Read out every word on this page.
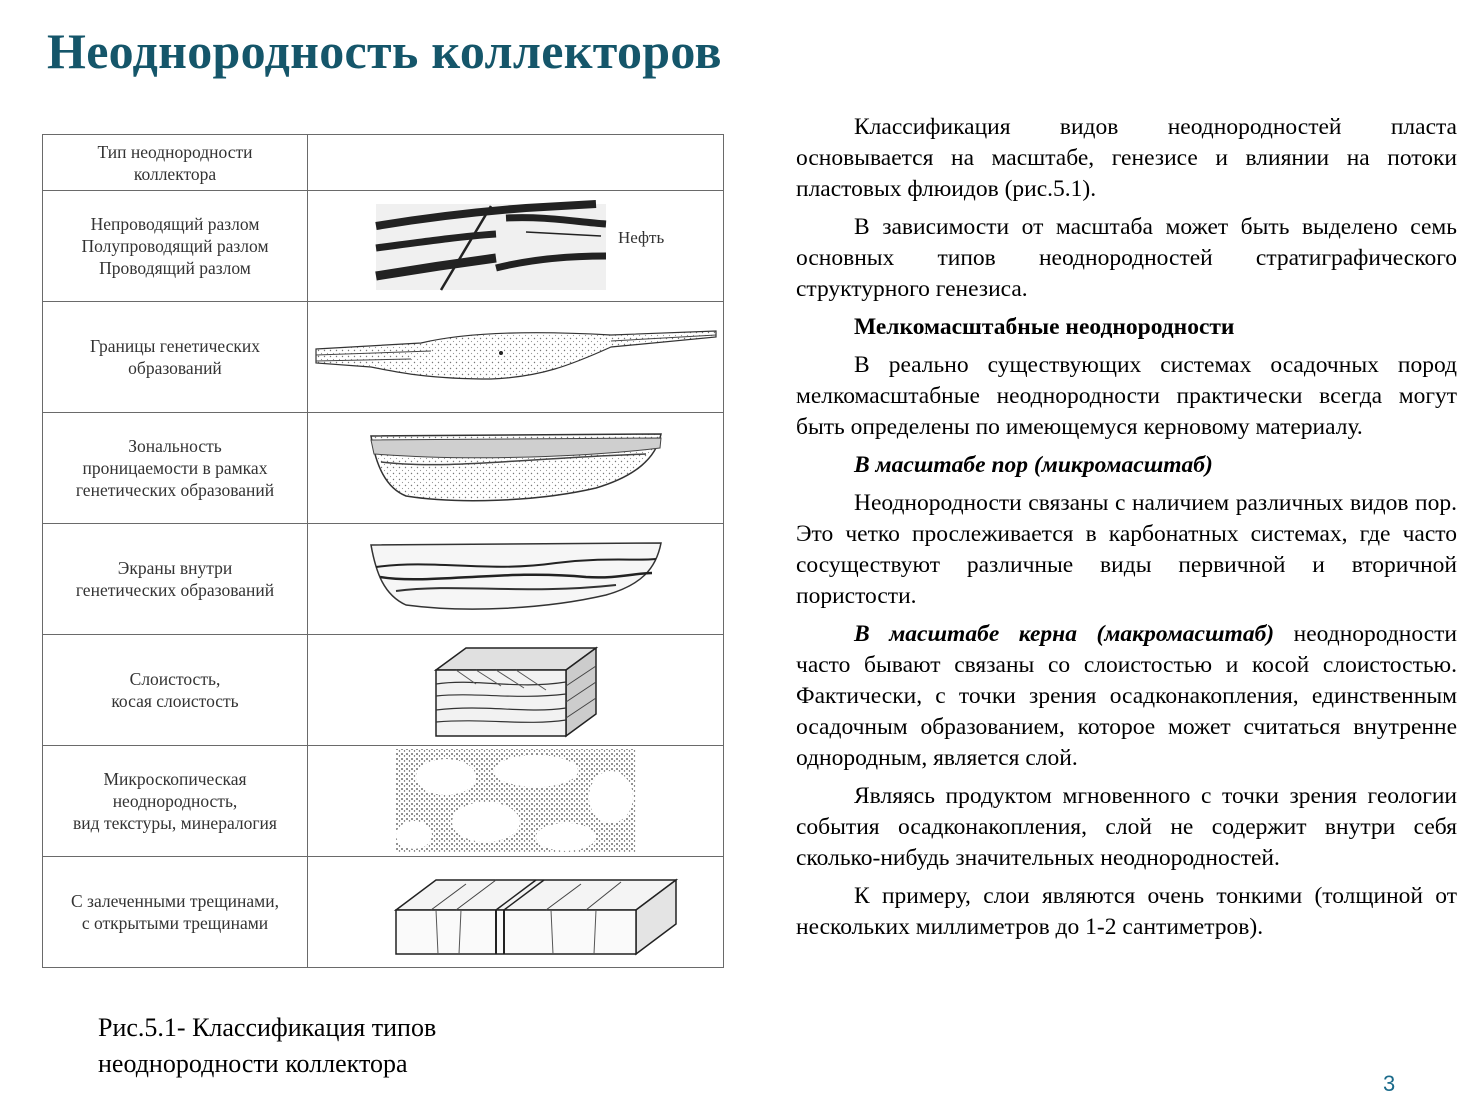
Неоднородность коллекторов
Тип неоднородности
коллектора	
Непроводящий разлом
Полупроводящий разлом
Проводящий разлом	Нефть

Границы генетических
образований	

Зональность
проницаемости в рамках
генетических образований	

Экраны внутри
генетических образований	

Слоистость,
косая слоистость	

Микроскопическая
неоднородность,
вид текстуры, минералогия	

С залеченными трещинами,
с открытыми трещинами	

Рис.5.1- Классификация типов
неоднородности коллектора

Классификация видов неоднородностей пласта основывается на масштабе, генезисе и влиянии на потоки пластовых флюидов (рис.5.1).

В зависимости от масштаба может быть выделено семь основных типов неоднородностей стратиграфического структурного генезиса.

Мелкомасштабные неоднородности

В реально существующих системах осадочных пород мелкомасштабные неоднородности практически всегда могут быть определены по имеющемуся керновому материалу.

В масштабе пор (микромасштаб)

Неоднородности связаны с наличием различных видов пор. Это четко прослеживается в карбонатных системах, где часто сосуществуют различные виды первичной и вторичной пористости.

В масштабе керна (макромасштаб) неоднородности часто бывают связаны со слоистостью и косой слоистостью. Фактически, с точки зрения осадконакопления, единственным осадочным образованием, которое может считаться внутренне однородным, является слой.

Являясь продуктом мгновенного с точки зрения геологии события осадконакопления, слой не содержит внутри себя сколько-нибудь значительных неоднородностей.

К примеру, слои являются очень тонкими (толщиной от нескольких миллиметров до 1-2 сантиметров).

3
